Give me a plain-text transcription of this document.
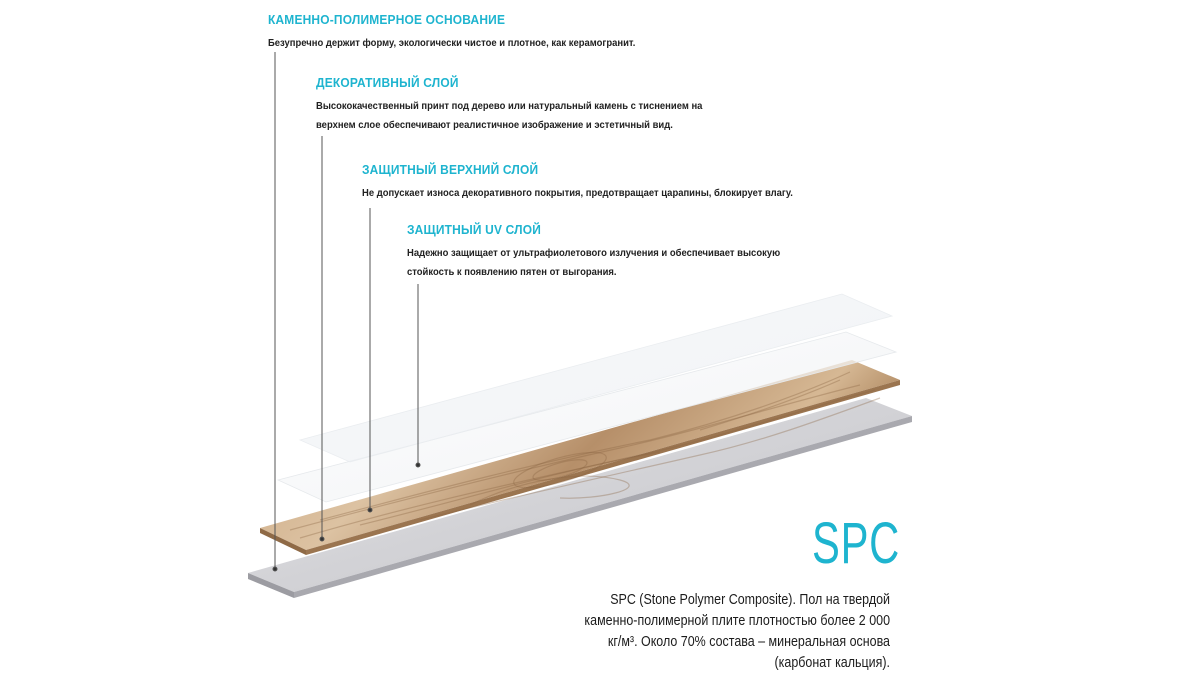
КАМЕННО-ПОЛИМЕРНОЕ ОСНОВАНИЕ

Безупречно держит форму, экологически чистое и плотное, как керамогранит.

ДЕКОРАТИВНЫЙ СЛОЙ

Высококачественный принт под дерево или натуральный камень с тиснением на верхнем слое обеспечивают реалистичное изображение и эстетичный вид.

ЗАЩИТНЫЙ ВЕРХНИЙ СЛОЙ

Не допускает износа декоративного покрытия, предотвращает царапины, блокирует влагу.

ЗАЩИТНЫЙ UV СЛОЙ

Надежно защищает от ультрафиолетового излучения и обеспечивает высокую стойкость к появлению пятен от выгорания.

SPC
SPC (Stone Polymer Composite). Пол на твердой каменно-полимерной плите плотностью более 2 000 кг/м³. Около 70% состава – минеральная основа (карбонат кальция).
